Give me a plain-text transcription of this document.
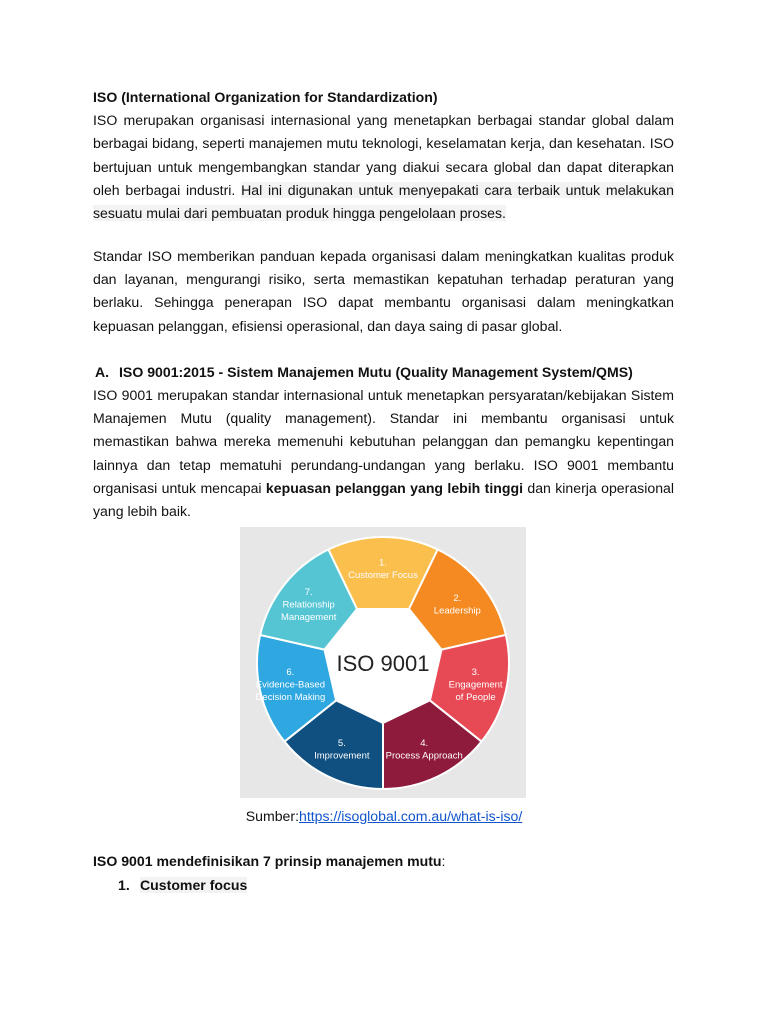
ISO (International Organization for Standardization)
ISO merupakan organisasi internasional yang menetapkan berbagai standar global dalam berbagai bidang, seperti manajemen mutu teknologi, keselamatan kerja, dan kesehatan. ISO bertujuan untuk mengembangkan standar yang diakui secara global dan dapat diterapkan oleh berbagai industri. Hal ini digunakan untuk menyepakati cara terbaik untuk melakukan sesuatu mulai dari pembuatan produk hingga pengelolaan proses.
Standar ISO memberikan panduan kepada organisasi dalam meningkatkan kualitas produk dan layanan, mengurangi risiko, serta memastikan kepatuhan terhadap peraturan yang berlaku. Sehingga penerapan ISO dapat membantu organisasi dalam meningkatkan kepuasan pelanggan, efisiensi operasional, dan daya saing di pasar global.
A. ISO 9001:2015 - Sistem Manajemen Mutu (Quality Management System/QMS)
ISO 9001 merupakan standar internasional untuk menetapkan persyaratan/kebijakan Sistem Manajemen Mutu (quality management). Standar ini membantu organisasi untuk memastikan bahwa mereka memenuhi kebutuhan pelanggan dan pemangku kepentingan lainnya dan tetap mematuhi perundang-undangan yang berlaku. ISO 9001 membantu organisasi untuk mencapai kepuasan pelanggan yang lebih tinggi dan kinerja operasional yang lebih baik.
1.
Customer Focus
2.
Leadership
3.
Engagement
of People
4.
Process Approach
5.
Improvement
6.
Evidence-Based
Decision Making
7.
Relationship
Management
ISO 9001
Sumber:https://isoglobal.com.au/what-is-iso/
ISO 9001 mendefinisikan 7 prinsip manajemen mutu:
1. Customer focus
